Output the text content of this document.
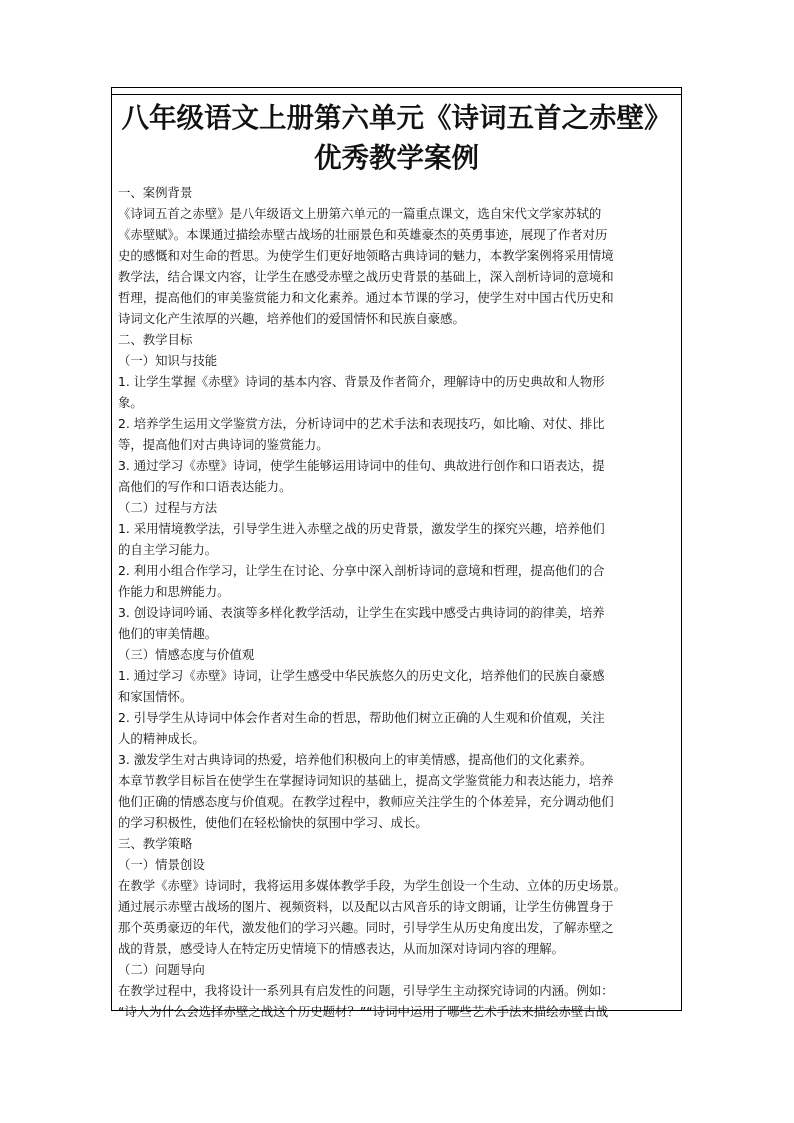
八年级语文上册第六单元《诗词五首之赤壁》
优秀教学案例

一、案例背景

《诗词五首之赤壁》是八年级语文上册第六单元的一篇重点课文，选自宋代文学家苏轼的

《赤壁赋》。本课通过描绘赤壁古战场的壮丽景色和英雄豪杰的英勇事迹，展现了作者对历

史的感慨和对生命的哲思。为使学生们更好地领略古典诗词的魅力，本教学案例将采用情境

教学法，结合课文内容，让学生在感受赤壁之战历史背景的基础上，深入剖析诗词的意境和

哲理，提高他们的审美鉴赏能力和文化素养。通过本节课的学习，使学生对中国古代历史和

诗词文化产生浓厚的兴趣，培养他们的爱国情怀和民族自豪感。

二、教学目标

（一）知识与技能

1. 让学生掌握《赤壁》诗词的基本内容、背景及作者简介，理解诗中的历史典故和人物形

象。

2. 培养学生运用文学鉴赏方法，分析诗词中的艺术手法和表现技巧，如比喻、对仗、排比

等，提高他们对古典诗词的鉴赏能力。

3. 通过学习《赤壁》诗词，使学生能够运用诗词中的佳句、典故进行创作和口语表达，提

高他们的写作和口语表达能力。

（二）过程与方法

1. 采用情境教学法，引导学生进入赤壁之战的历史背景，激发学生的探究兴趣，培养他们

的自主学习能力。

2. 利用小组合作学习，让学生在讨论、分享中深入剖析诗词的意境和哲理，提高他们的合

作能力和思辨能力。

3. 创设诗词吟诵、表演等多样化教学活动，让学生在实践中感受古典诗词的韵律美，培养

他们的审美情趣。

（三）情感态度与价值观

1. 通过学习《赤壁》诗词，让学生感受中华民族悠久的历史文化，培养他们的民族自豪感

和家国情怀。

2. 引导学生从诗词中体会作者对生命的哲思，帮助他们树立正确的人生观和价值观，关注

人的精神成长。

3. 激发学生对古典诗词的热爱，培养他们积极向上的审美情感，提高他们的文化素养。

本章节教学目标旨在使学生在掌握诗词知识的基础上，提高文学鉴赏能力和表达能力，培养

他们正确的情感态度与价值观。在教学过程中，教师应关注学生的个体差异，充分调动他们

的学习积极性，使他们在轻松愉快的氛围中学习、成长。

三、教学策略

（一）情景创设

在教学《赤壁》诗词时，我将运用多媒体教学手段，为学生创设一个生动、立体的历史场景。

通过展示赤壁古战场的图片、视频资料，以及配以古风音乐的诗文朗诵，让学生仿佛置身于

那个英勇豪迈的年代，激发他们的学习兴趣。同时，引导学生从历史角度出发，了解赤壁之

战的背景，感受诗人在特定历史情境下的情感表达，从而加深对诗词内容的理解。

（二）问题导向

在教学过程中，我将设计一系列具有启发性的问题，引导学生主动探究诗词的内涵。例如：

“诗人为什么会选择赤壁之战这个历史题材？”“诗词中运用了哪些艺术手法来描绘赤壁古战
